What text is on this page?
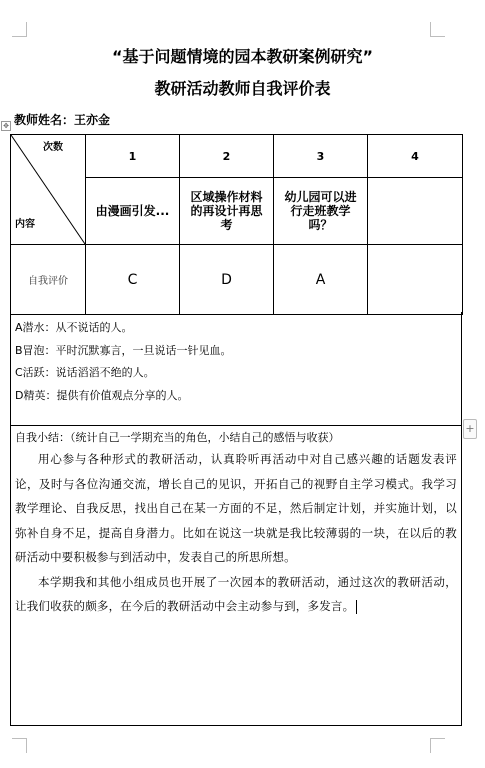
“基于问题情境的园本教研案例研究”
教研活动教师自我评价表
教师姓名：王亦金
✥
+
次数
内容	1	2	3	4
	由漫画引发...	区域操作材料的再设计再思考	幼儿园可以进行走班教学吗？	
自我评价	C	D	A	
A潜水：从不说话的人。
B冒泡：平时沉默寡言，一旦说话一针见血。
C活跃：说话滔滔不绝的人。
D精英：提供有价值观点分享的人。
自我小结：（统计自己一学期充当的角色，小结自己的感悟与收获）
用心参与各种形式的教研活动，认真聆听再活动中对自己感兴趣的话题发表评论，及时与各位沟通交流，增长自己的见识，开拓自己的视野自主学习模式。我学习教学理论、自我反思，找出自己在某一方面的不足，然后制定计划，并实施计划，以弥补自身不足，提高自身潜力。比如在说这一块就是我比较薄弱的一块，在以后的教研活动中要积极参与到活动中，发表自己的所思所想。
本学期我和其他小组成员也开展了一次园本的教研活动，通过这次的教研活动，让我们收获的颇多，在今后的教研活动中会主动参与到，多发言。
